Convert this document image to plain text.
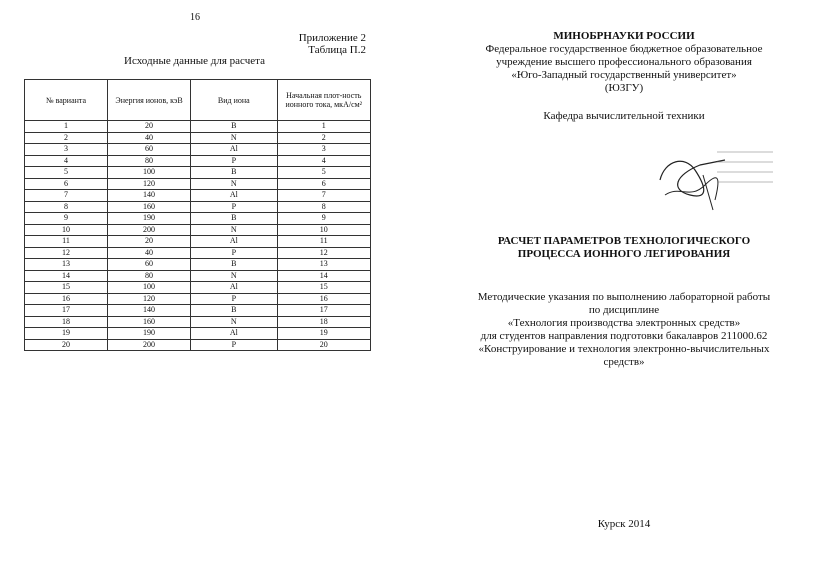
16
Приложение 2
Таблица П.2
Исходные данные для расчета
№ варианта	Энергия ионов, кэВ	Вид иона	Начальная плот-ность ионного тока, мкА/см²
1	20	B	1
2	40	N	2
3	60	Al	3
4	80	P	4
5	100	B	5
6	120	N	6
7	140	Al	7
8	160	P	8
9	190	B	9
10	200	N	10
11	20	Al	11
12	40	P	12
13	60	B	13
14	80	N	14
15	100	Al	15
16	120	P	16
17	140	B	17
18	160	N	18
19	190	Al	19
20	200	P	20
МИНОБРНАУКИ РОССИИ
Федеральное государственное бюджетное образовательное
учреждение высшего профессионального образования
«Юго-Западный государственный университет»
(ЮЗГУ)
Кафедра вычислительной техники
РАСЧЕТ ПАРАМЕТРОВ ТЕХНОЛОГИЧЕСКОГО
ПРОЦЕССА ИОННОГО ЛЕГИРОВАНИЯ
Методические указания по выполнению лабораторной работы
по дисциплине
«Технология производства электронных средств»
для студентов направления подготовки бакалавров 211000.62
«Конструирование и технология электронно-вычислительных
средств»
Курск 2014
